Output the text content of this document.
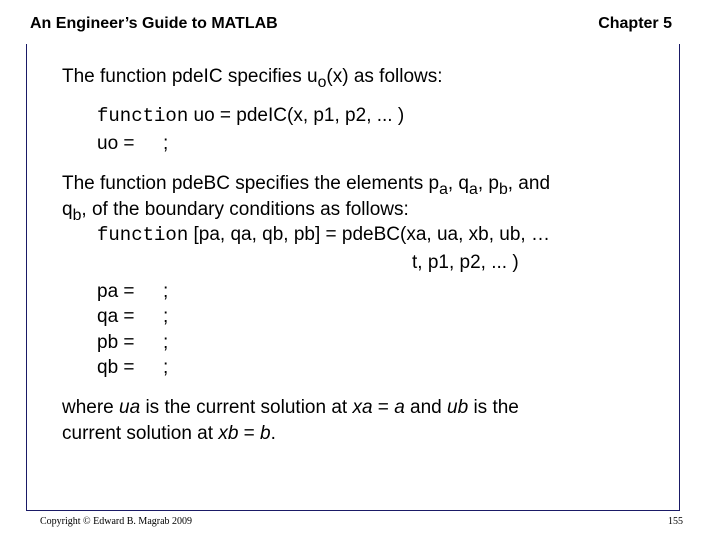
An Engineer’s Guide to MATLAB	Chapter 5
The function pdeIC specifies $u_o(x)$ as follows:
function uo = pdeIC(x, p1, p2, ... )
uo = ;
The function pdeBC specifies the elements $p_a$, $q_a$, $p_b$, and
$q_b$, of the boundary conditions as follows:
function [pa, qa, qb, pb] = pdeBC(xa, ua, xb, ub, …
t, p1, p2, ... )
pa = ;
qa = ;
pb = ;
qb = ;
where ua is the current solution at xa = a and ub is the
current solution at xb = b.
Copyright © Edward B. Magrab 2009	155
